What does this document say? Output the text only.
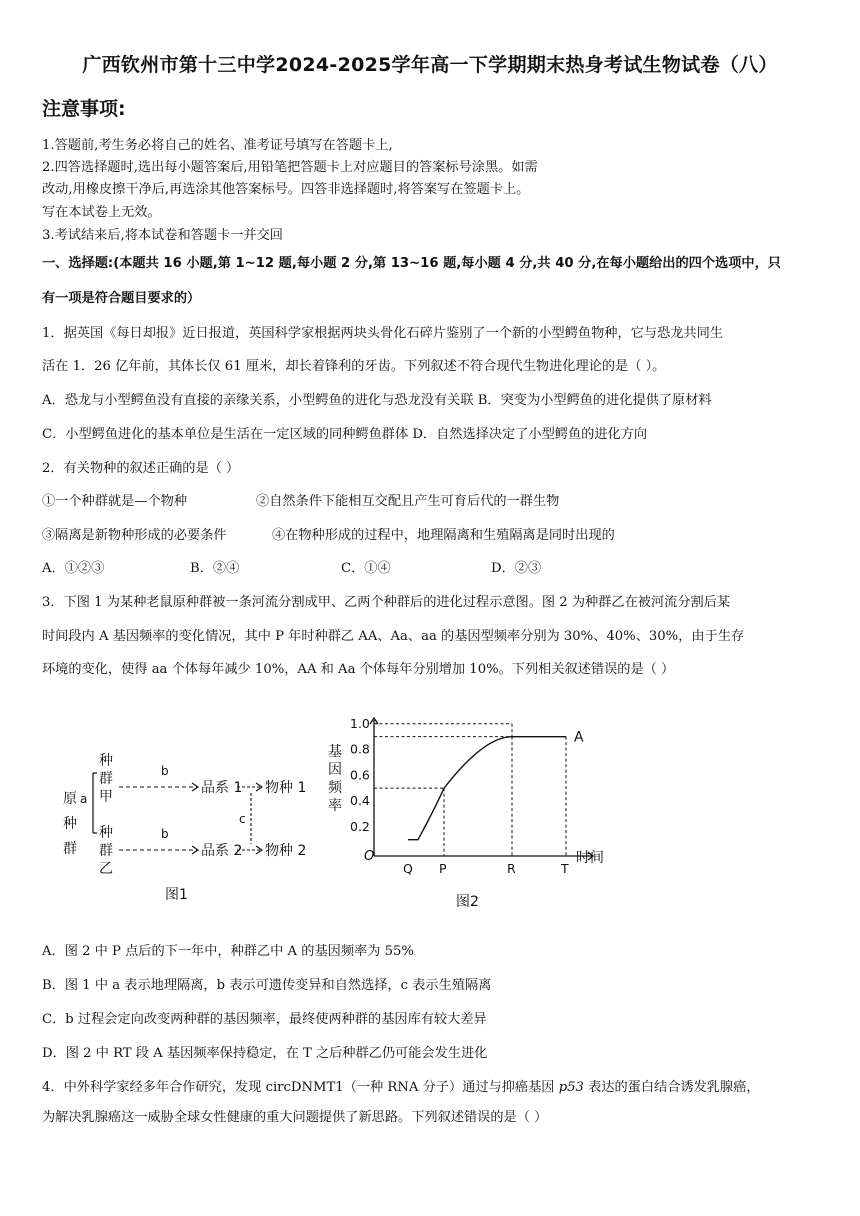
广西钦州市第十三中学2024-2025学年高一下学期期末热身考试生物试卷（八）
注意事项:
1.答题前,考生务必将自己的姓名、准考证号填写在答题卡上,
2.四答选择题时,选出每小题答案后,用铅笔把答题卡上对应题目的答案标号涂黑。如需
改动,用橡皮擦干净后,再选涂其他答案标号。四答非选择题时,将答案写在签题卡上。
写在本试卷上无效。
3.考试结来后,将本试卷和答题卡一并交回
一、选择题:(本题共 16 小题,第 1~12 题,每小题 2 分,第 13~16 题,每小题 4 分,共 40 分,在每小题给出的四个选项中，只
有一项是符合题目要求的）
1．据英国《每日却报》近日报道，英国科学家根据两块头骨化石碎片鉴别了一个新的小型鳄鱼物种，它与恐龙共同生
活在 1．26 亿年前，其体长仅 61 厘米，却长着锋利的牙齿。下列叙述不符合现代生物进化理论的是（ ）。
A．恐龙与小型鳄鱼没有直接的亲缘关系，小型鳄鱼的进化与恐龙没有关联 B．突变为小型鳄鱼的进化提供了原材料
C．小型鳄鱼进化的基本单位是生活在一定区域的同种鳄鱼群体 D．自然选择决定了小型鳄鱼的进化方向
2．有关物种的叙述正确的是（ ）
①一个种群就是—个物种	②自然条件下能相互交配且产生可育后代的一群生物
③隔离是新物种形成的必要条件	④在物种形成的过程中，地理隔离和生殖隔离是同时出现的
A．①②③	B．②④	C．①④	D．②③
3．下图 1 为某种老鼠原种群被一条河流分割成甲、乙两个种群后的进化过程示意图。图 2 为种群乙在被河流分割后某
时间段内 A 基因频率的变化情况，其中 P 年时种群乙 AA、Aa、aa 的基因型频率分别为 30%、40%、30%，由于生存
环境的变化，使得 aa 个体每年减少 10%，AA 和 Aa 个体每年分别增加 10%。下列相关叙述错误的是（ ）
原
种
群
a
种
群
甲
种
群
乙
b
b
品系 1
品系 2
物种 1
物种 2
c
图1
基
因
频
率
1.0
0.8
0.6
0.4
0.2
Q P	R	T
A
O	时间
图2
A．图 2 中 P 点后的下一年中，种群乙中 A 的基因频率为 55%
B．图 1 中 a 表示地理隔离，b 表示可遗传变异和自然选择，c 表示生殖隔离
C．b 过程会定向改变两种群的基因频率，最终使两种群的基因库有较大差异
D．图 2 中 RT 段 A 基因频率保持稳定，在 T 之后种群乙仍可能会发生进化
4．中外科学家经多年合作研究，发现 circDNMT1（一种 RNA 分子）通过与抑癌基因 p53 表达的蛋白结合诱发乳腺癌，
为解决乳腺癌这一威胁全球女性健康的重大问题提供了新思路。下列叙述错误的是（ ）
